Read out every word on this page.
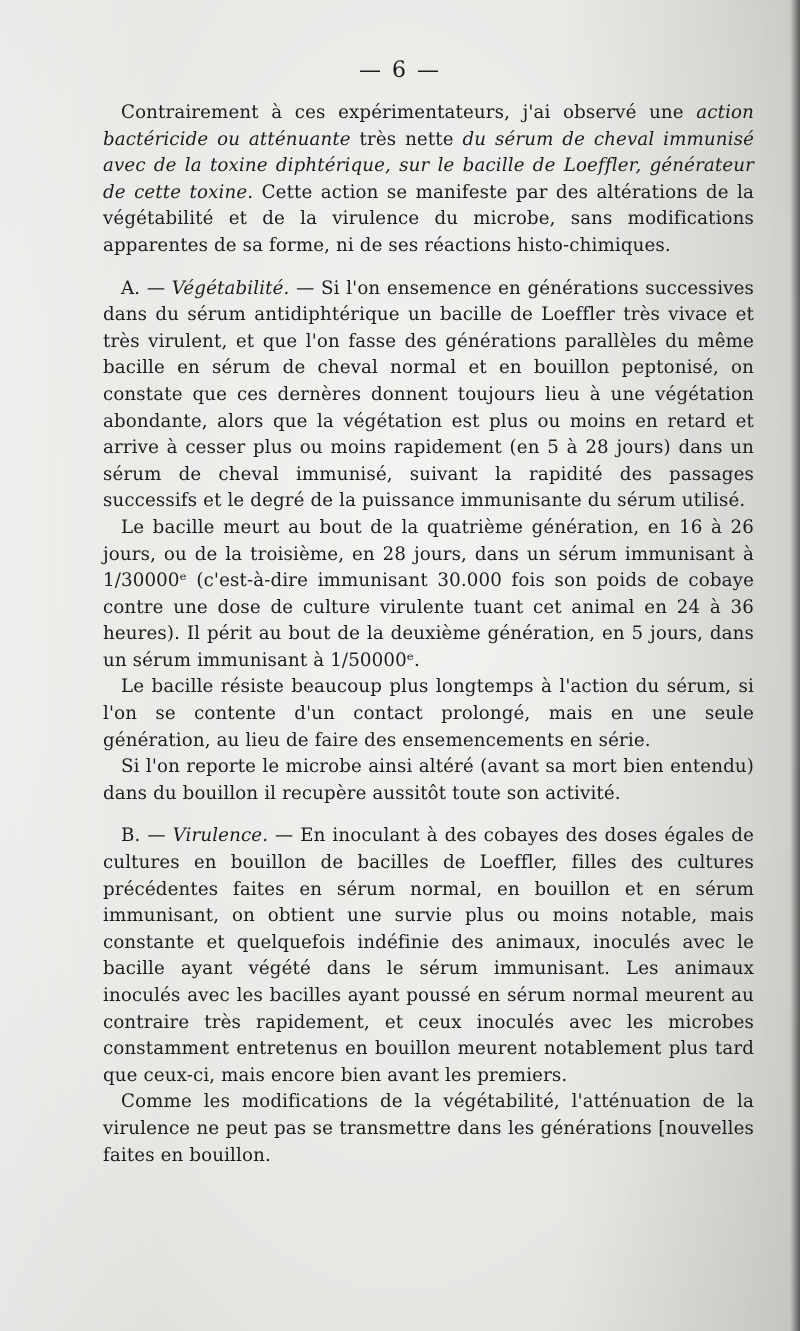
— 6 —

Contrairement à ces expérimentateurs, j'ai observé une action bactéricide ou atténuante très nette du sérum de cheval immunisé avec de la toxine diphtérique, sur le bacille de Loeffler, générateur de cette toxine. Cette action se manifeste par des altérations de la végétabilité et de la virulence du microbe, sans modifications apparentes de sa forme, ni de ses réactions histo-chimiques.

A. — Végétabilité. — Si l'on ensemence en générations successives dans du sérum antidiphtérique un bacille de Loeffler très vivace et très virulent, et que l'on fasse des générations parallèles du même bacille en sérum de cheval normal et en bouillon peptonisé, on constate que ces dernères donnent toujours lieu à une végétation abondante, alors que la végétation est plus ou moins en retard et arrive à cesser plus ou moins rapidement (en 5 à 28 jours) dans un sérum de cheval immunisé, suivant la rapidité des passages successifs et le degré de la puissance immunisante du sérum utilisé.

Le bacille meurt au bout de la quatrième génération, en 16 à 26 jours, ou de la troisième, en 28 jours, dans un sérum immunisant à 1/30000ᵉ (c'est-à-dire immunisant 30.000 fois son poids de cobaye contre une dose de culture virulente tuant cet animal en 24 à 36 heures). Il périt au bout de la deuxième génération, en 5 jours, dans un sérum immunisant à 1/50000ᵉ.

Le bacille résiste beaucoup plus longtemps à l'action du sérum, si l'on se contente d'un contact prolongé, mais en une seule génération, au lieu de faire des ensemencements en série.

Si l'on reporte le microbe ainsi altéré (avant sa mort bien entendu) dans du bouillon il recupère aussitôt toute son activité.

B. — Virulence. — En inoculant à des cobayes des doses égales de cultures en bouillon de bacilles de Loeffler, filles des cultures précédentes faites en sérum normal, en bouillon et en sérum immunisant, on obtient une survie plus ou moins notable, mais constante et quelquefois indéfinie des animaux, inoculés avec le bacille ayant végété dans le sérum immunisant. Les animaux inoculés avec les bacilles ayant poussé en sérum normal meurent au contraire très rapidement, et ceux inoculés avec les microbes constamment entretenus en bouillon meurent notablement plus tard que ceux-ci, mais encore bien avant les premiers.

Comme les modifications de la végétabilité, l'atténuation de la virulence ne peut pas se transmettre dans les générations [nouvelles faites en bouillon.
